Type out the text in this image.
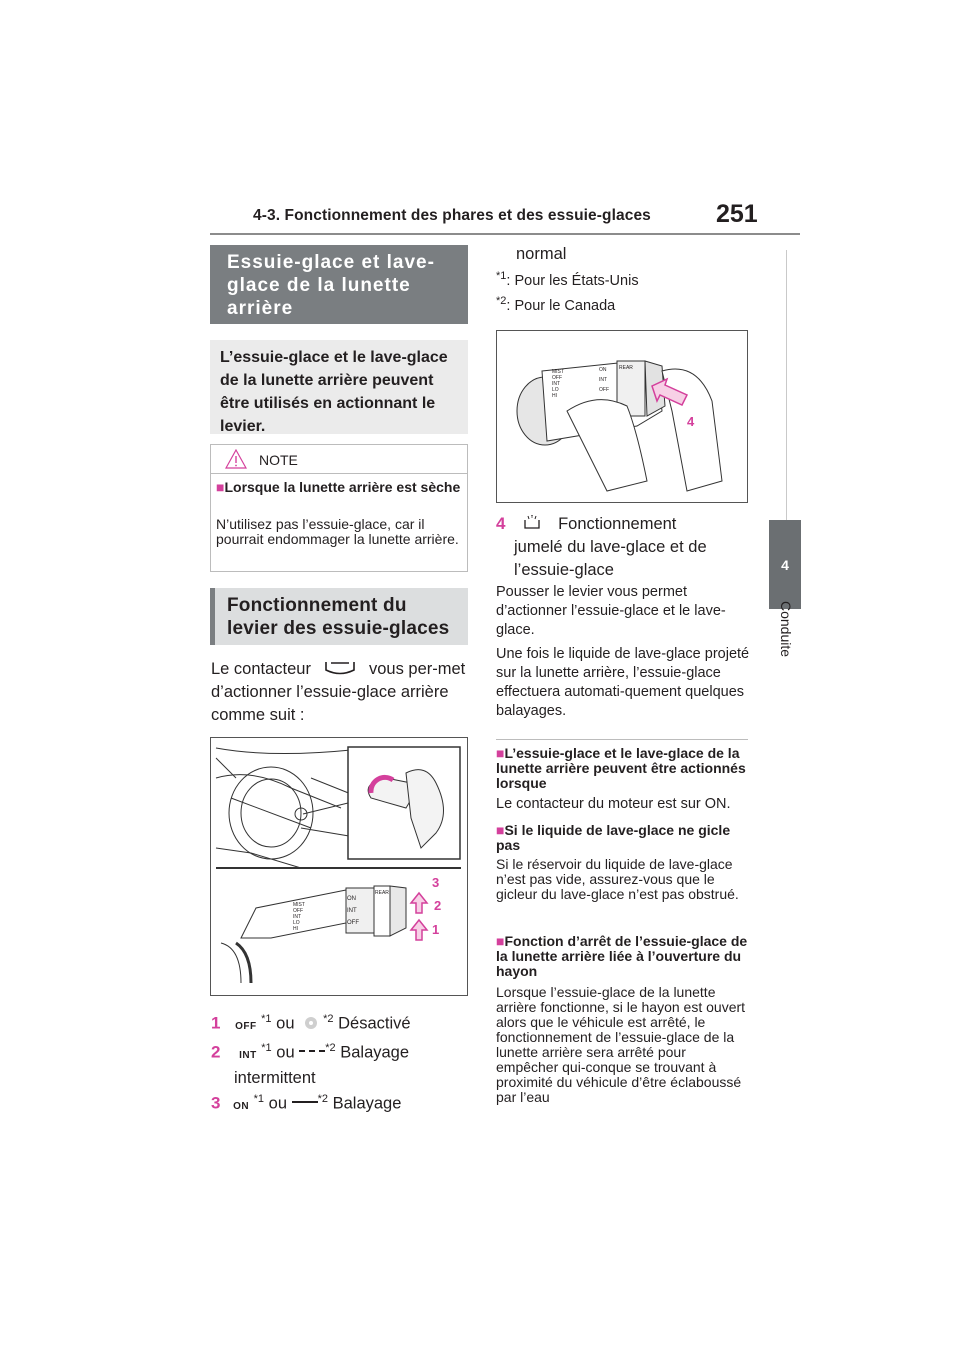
4-3. Fonctionnement des phares et des essuie-glaces	251
4
Conduite
Essuie-glace et lave-glace de la lunette arrière
L’essuie-glace et le lave-glace de la lunette arrière peuvent être utilisés en actionnant le levier.
NOTE
■Lorsque la lunette arrière est sèche
N’utilisez pas l’essuie-glace, car il pourrait endommager la lunette arrière.
Fonctionnement du levier des essuie-glaces
Le contacteur	vous per-met d’actionner l’essuie-glace arrière comme suit :
MIST
OFF
INT
LO
HI
ON
INT
OFF
REAR
3
2
1
1 OFF $^{*1}$ ou	$^{*2}$ Désactivé
2 INT $^{*1}$ ou	$^{*2}$ Balayage
intermittent
3 ON $^{*1}$ ou	$^{*2}$ Balayage
normal
$^{*1}$: Pour les États-Unis
$^{*2}$: Pour le Canada
MIST
OFF
INT
LO
HI
ON
INT
OFF
REAR
4
4	Fonctionnement
jumelé du lave-glace et de
l’essuie-glace
Pousser le levier vous permet d’actionner l’essuie-glace et le lave-glace.
Une fois le liquide de lave-glace projeté sur la lunette arrière, l’essuie-glace effectuera automati-quement quelques balayages.
■L’essuie-glace et le lave-glace de la lunette arrière peuvent être actionnés lorsque
Le contacteur du moteur est sur ON.
■Si le liquide de lave-glace ne gicle pas
Si le réservoir du liquide de lave-glace n’est pas vide, assurez-vous que le gicleur du lave-glace n’est pas obstrué.
■Fonction d’arrêt de l’essuie-glace de la lunette arrière liée à l’ouverture du hayon
Lorsque l’essuie-glace de la lunette arrière fonctionne, si le hayon est ouvert alors que le véhicule est arrêté, le fonctionnement de l’essuie-glace de la lunette arrière sera arrêté pour empêcher qui-conque se trouvant à proximité du véhicule d’être éclaboussé par l’eau
